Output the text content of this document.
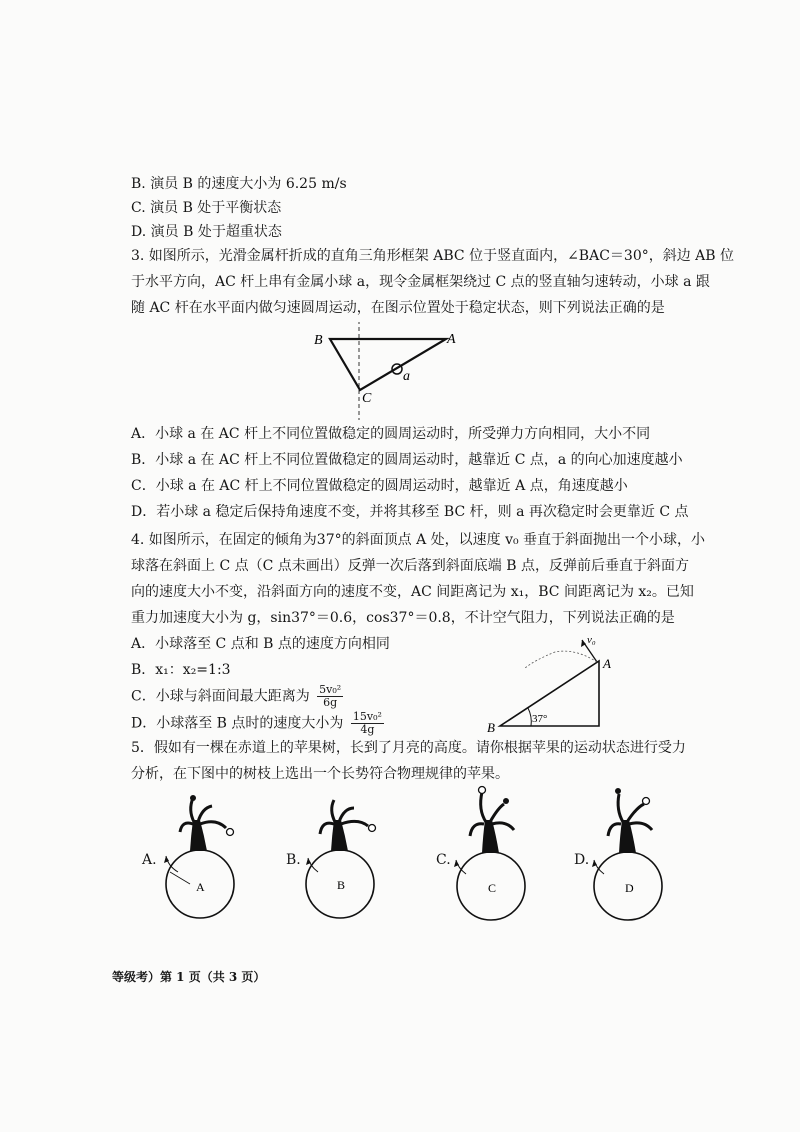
B. 演员 B 的速度大小为 6.25 m/s
C. 演员 B 处于平衡状态
D. 演员 B 处于超重状态
3. 如图所示，光滑金属杆折成的直角三角形框架 ABC 位于竖直面内，∠BAC＝30°，斜边 AB 位
于水平方向，AC 杆上串有金属小球 a，现令金属框架绕过 C 点的竖直轴匀速转动，小球 a 跟
随 AC 杆在水平面内做匀速圆周运动，在图示位置处于稳定状态，则下列说法正确的是
B	A
C
a
A．小球 a 在 AC 杆上不同位置做稳定的圆周运动时，所受弹力方向相同，大小不同
B．小球 a 在 AC 杆上不同位置做稳定的圆周运动时，越靠近 C 点，a 的向心加速度越小
C．小球 a 在 AC 杆上不同位置做稳定的圆周运动时，越靠近 A 点，角速度越小
D．若小球 a 稳定后保持角速度不变，并将其移至 BC 杆，则 a 再次稳定时会更靠近 C 点
4. 如图所示，在固定的倾角为37°的斜面顶点 A 处，以速度 v₀ 垂直于斜面抛出一个小球，小
球落在斜面上 C 点（C 点未画出）反弹一次后落到斜面底端 B 点，反弹前后垂直于斜面方
向的速度大小不变，沿斜面方向的速度不变，AC 间距离记为 x₁，BC 间距离记为 x₂。已知
重力加速度大小为 g，sin37°＝0.6，cos37°＝0.8，不计空气阻力，下列说法正确的是
A．小球落至 C 点和 B 点的速度方向相同
B．x₁：x₂=1:3
C．小球与斜面间最大距离为 $\frac{\text{5v₀²}}{6g}$
D．小球落至 B 点时的速度大小为 $\frac{\text{15v₀²}}{4g}$
v₀
A
B
37°
5．假如有一棵在赤道上的苹果树，长到了月亮的高度。请你根据苹果的运动状态进行受力
分析，在下图中的树枝上选出一个长势符合物理规律的苹果。
A.
A
B.
B
C.
C
D.
D
等级考）第 1 页（共 3 页）
